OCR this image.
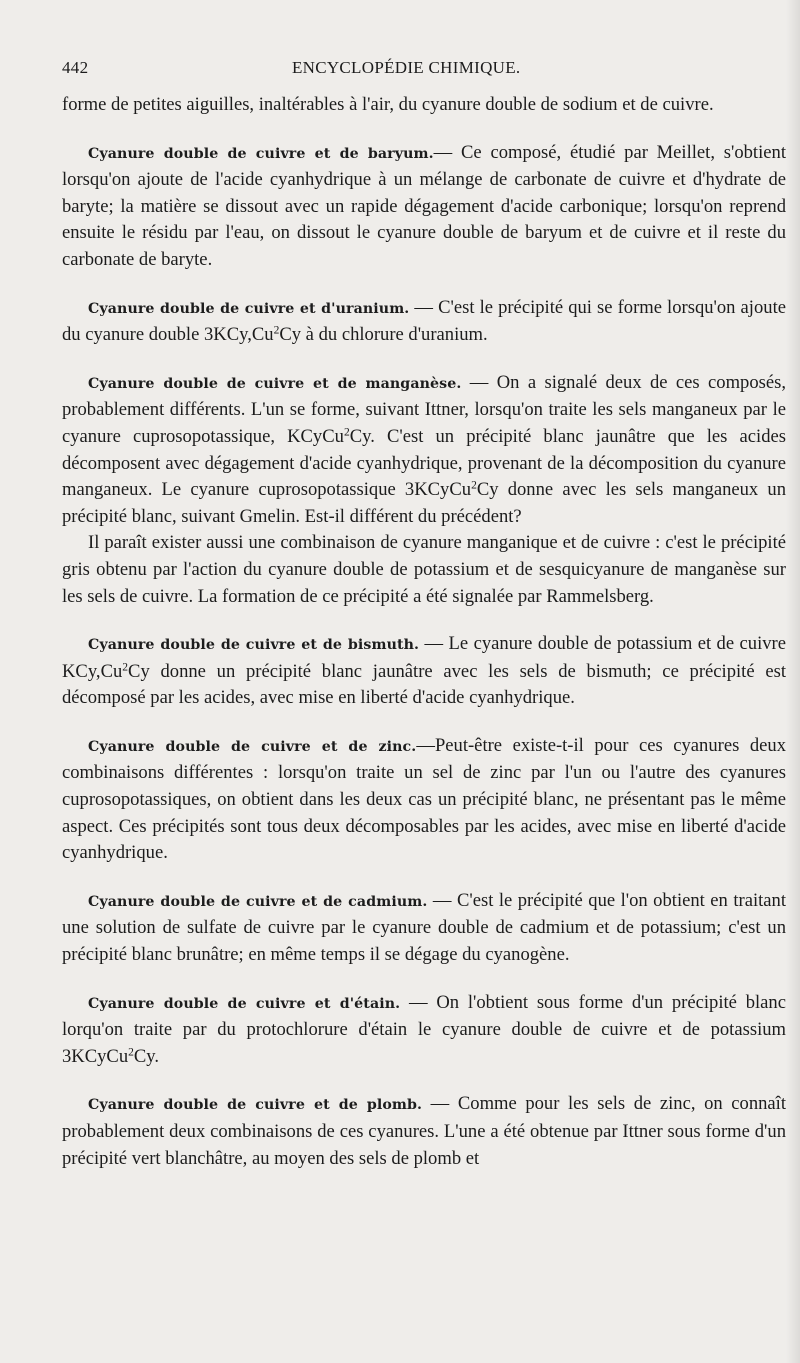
442	ENCYCLOPÉDIE CHIMIQUE.

forme de petites aiguilles, inaltérables à l'air, du cyanure double de sodium et de cuivre.

Cyanure double de cuivre et de baryum.— Ce composé, étudié par Meillet, s'obtient lorsqu'on ajoute de l'acide cyanhydrique à un mélange de carbonate de cuivre et d'hydrate de baryte; la matière se dissout avec un rapide dégagement d'acide carbonique; lorsqu'on reprend ensuite le résidu par l'eau, on dissout le cyanure double de baryum et de cuivre et il reste du carbonate de baryte.

Cyanure double de cuivre et d'uranium. — C'est le précipité qui se forme lorsqu'on ajoute du cyanure double 3KCy,Cu$^2$Cy à du chlorure d'uranium.

Cyanure double de cuivre et de manganèse. — On a signalé deux de ces composés, probablement différents. L'un se forme, suivant Ittner, lorsqu'on traite les sels manganeux par le cyanure cuprosopotassique, KCyCu$^2$Cy. C'est un précipité blanc jaunâtre que les acides décomposent avec dégagement d'acide cyanhydrique, provenant de la décomposition du cyanure manganeux. Le cyanure cuprosopotassique 3KCyCu$^2$Cy donne avec les sels manganeux un précipité blanc, suivant Gmelin. Est-il différent du précédent?

Il paraît exister aussi une combinaison de cyanure manganique et de cuivre : c'est le précipité gris obtenu par l'action du cyanure double de potassium et de sesquicyanure de manganèse sur les sels de cuivre. La formation de ce précipité a été signalée par Rammelsberg.

Cyanure double de cuivre et de bismuth. — Le cyanure double de potassium et de cuivre KCy,Cu$^2$Cy donne un précipité blanc jaunâtre avec les sels de bismuth; ce précipité est décomposé par les acides, avec mise en liberté d'acide cyanhydrique.

Cyanure double de cuivre et de zinc.—Peut-être existe-t-il pour ces cyanures deux combinaisons différentes : lorsqu'on traite un sel de zinc par l'un ou l'autre des cyanures cuprosopotassiques, on obtient dans les deux cas un précipité blanc, ne présentant pas le même aspect. Ces précipités sont tous deux décomposables par les acides, avec mise en liberté d'acide cyanhydrique.

Cyanure double de cuivre et de cadmium. — C'est le précipité que l'on obtient en traitant une solution de sulfate de cuivre par le cyanure double de cadmium et de potassium; c'est un précipité blanc brunâtre; en même temps il se dégage du cyanogène.

Cyanure double de cuivre et d'étain. — On l'obtient sous forme d'un précipité blanc lorqu'on traite par du protochlorure d'étain le cyanure double de cuivre et de potassium 3KCyCu$^2$Cy.

Cyanure double de cuivre et de plomb. — Comme pour les sels de zinc, on connaît probablement deux combinaisons de ces cyanures. L'une a été obtenue par Ittner sous forme d'un précipité vert blanchâtre, au moyen des sels de plomb et
